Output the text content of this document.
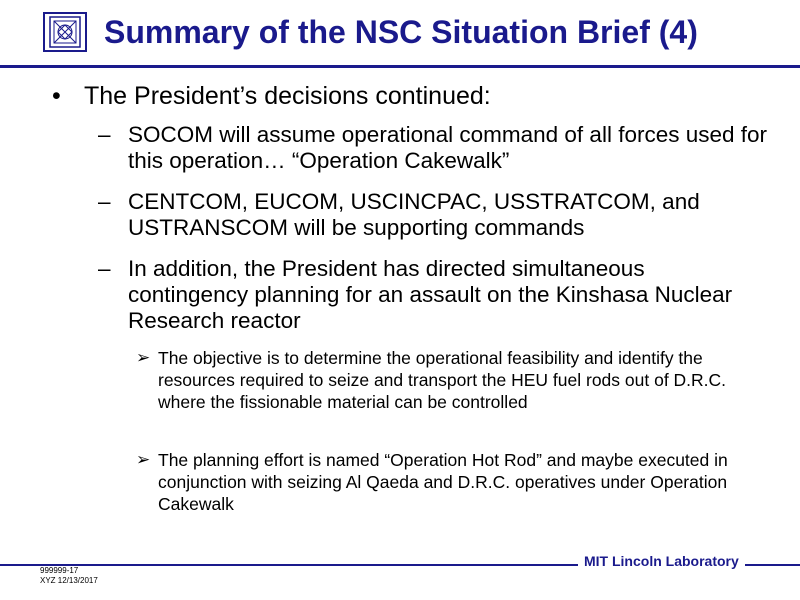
Summary of the NSC Situation Brief (4)
• The President’s decisions continued:
– SOCOM will assume operational command of all forces used for this operation… “Operation Cakewalk”
– CENTCOM, EUCOM, USCINCPAC, USSTRATCOM, and USTRANSCOM will be supporting commands
– In addition, the President has directed simultaneous contingency planning for an assault on the Kinshasa Nuclear Research reactor
➢ The objective is to determine the operational feasibility and identify the resources required to seize and transport the HEU fuel rods out of D.R.C. where the fissionable material can be controlled
➢ The planning effort is named “Operation Hot Rod” and maybe executed in conjunction with seizing Al Qaeda and D.R.C. operatives under Operation Cakewalk
MIT Lincoln Laboratory
999999-17
XYZ 12/13/2017
